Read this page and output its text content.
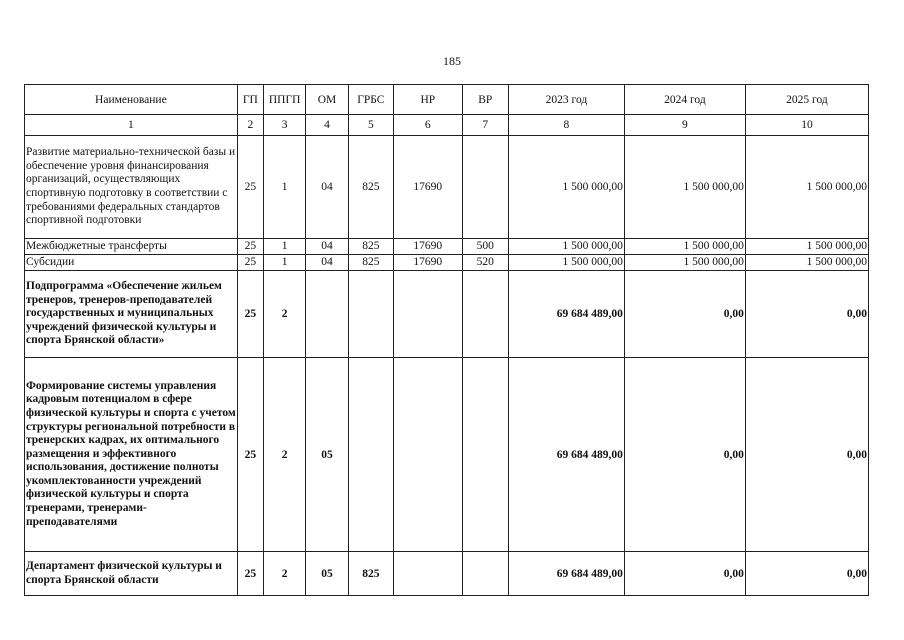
185
Наименование	ГП	ППГП	ОМ	ГРБС	НР	ВР	2023 год	2024 год	2025 год
1	2	3	4	5	6	7	8	9	10
Развитие материально-технической базы и обеспечение уровня финансирования организаций, осуществляющих спортивную подготовку в соответствии с требованиями федеральных стандартов спортивной подготовки	25	1	04	825	17690		1 500 000,00	1 500 000,00	1 500 000,00
Межбюджетные трансферты	25	1	04	825	17690	500	1 500 000,00	1 500 000,00	1 500 000,00
Субсидии	25	1	04	825	17690	520	1 500 000,00	1 500 000,00	1 500 000,00
Подпрограмма «Обеспечение жильем тренеров, тренеров-преподавателей государственных и муниципальных учреждений физической культуры и спорта Брянской области»	25	2					69 684 489,00	0,00	0,00
Формирование системы управления кадровым потенциалом в сфере физической культуры и спорта с учетом структуры региональной потребности в тренерских кадрах, их оптимального размещения и эффективного использования, достижение полноты укомплектованности учреждений физической культуры и спорта тренерами, тренерами-преподавателями	25	2	05				69 684 489,00	0,00	0,00
Департамент физической культуры и спорта Брянской области	25	2	05	825			69 684 489,00	0,00	0,00
